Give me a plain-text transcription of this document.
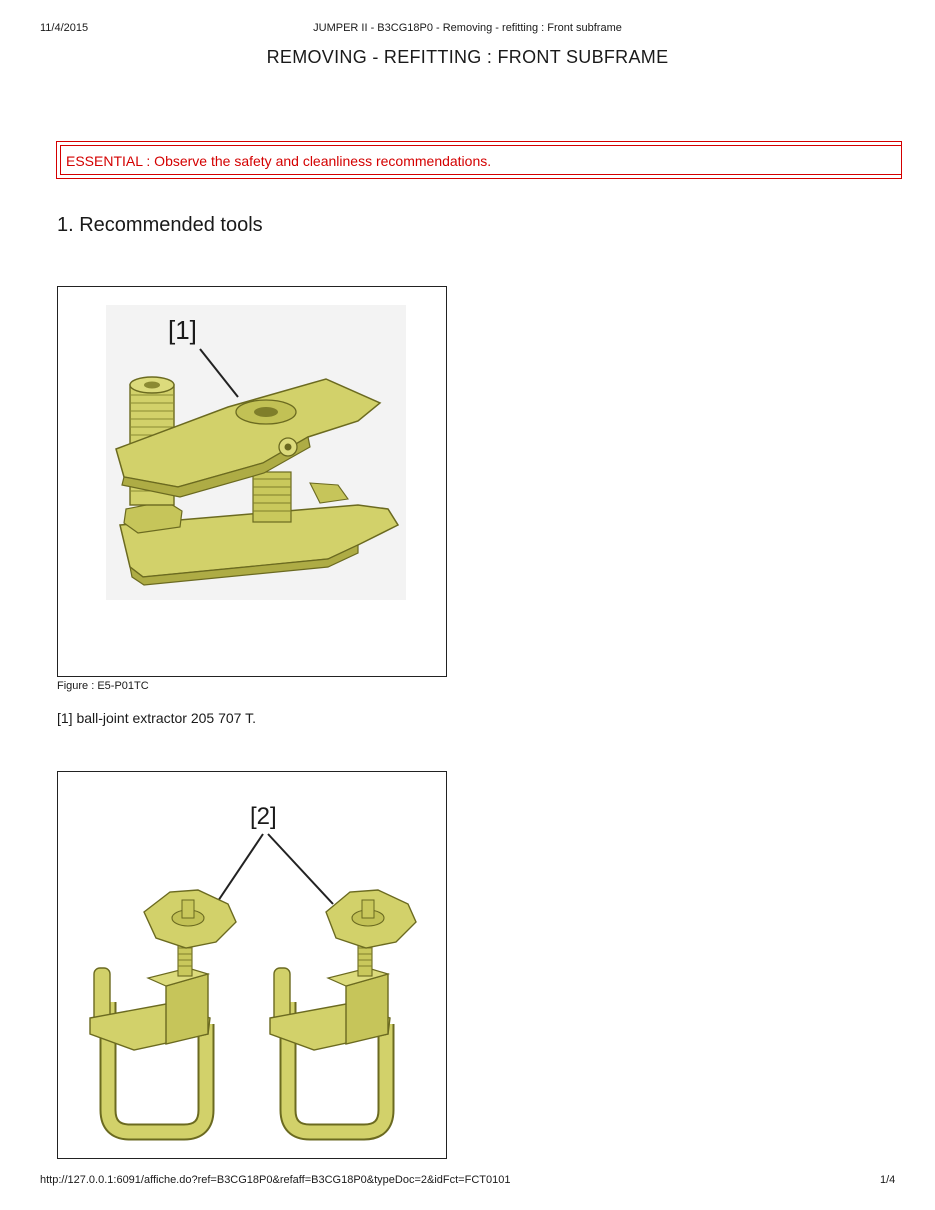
11/4/2015	JUMPER II - B3CG18P0 - Removing - refitting : Front subframe
REMOVING - REFITTING : FRONT SUBFRAME
ESSENTIAL : Observe the safety and cleanliness recommendations.
1. Recommended tools
[1]
Figure : E5-P01TC
[1] ball-joint extractor 205 707 T.
[2]
http://127.0.0.1:6091/affiche.do?ref=B3CG18P0&refaff=B3CG18P0&typeDoc=2&idFct=FCT0101	1/4
